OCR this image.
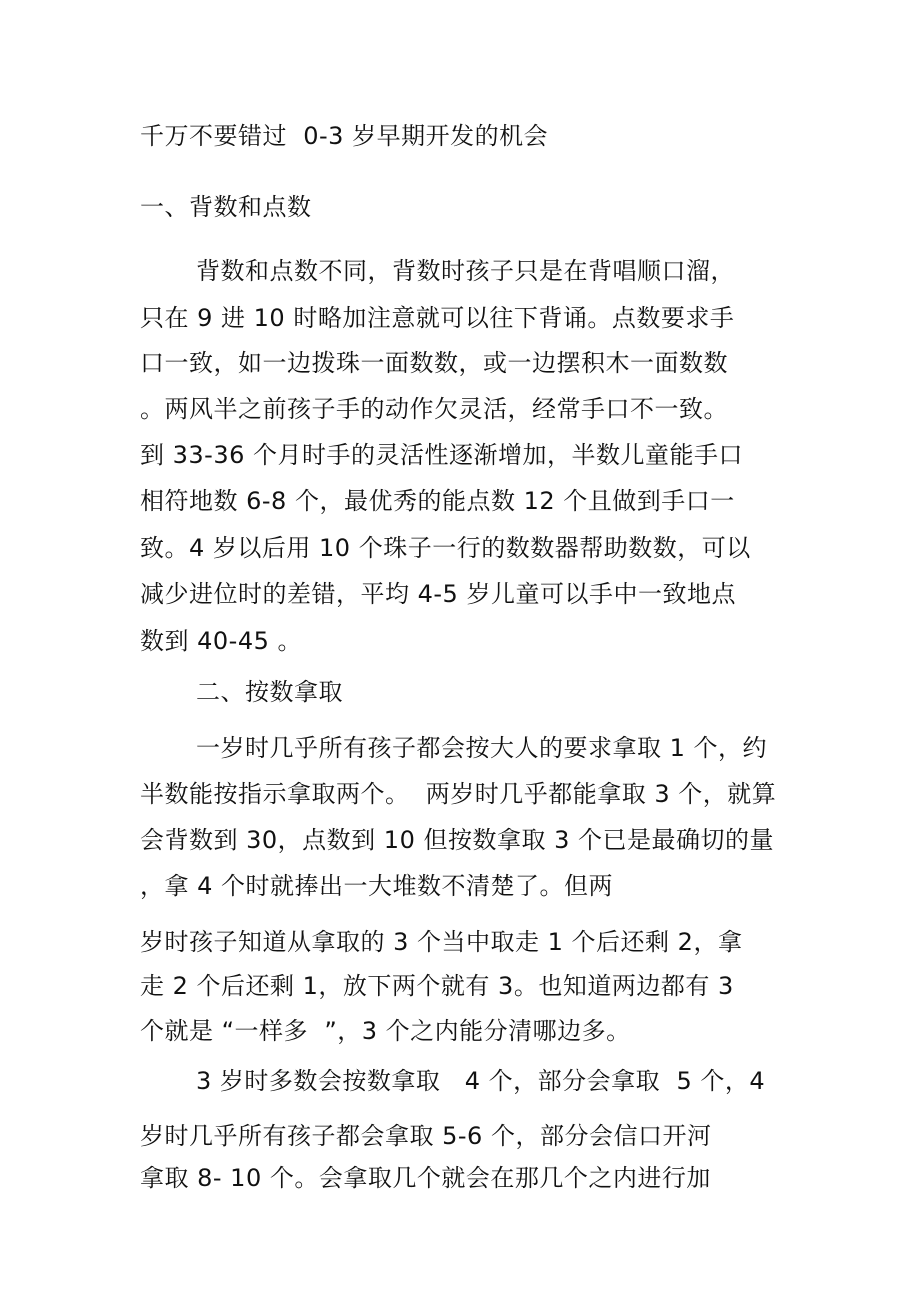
千万不要错过  0-3 岁早期开发的机会
一、背数和点数
背数和点数不同，背数时孩子只是在背唱顺口溜，
只在 9 进 10 时略加注意就可以往下背诵。点数要求手
口一致，如一边拨珠一面数数，或一边摆积木一面数数
。两风半之前孩子手的动作欠灵活，经常手口不一致。
到 33-36 个月时手的灵活性逐渐增加，半数儿童能手口
相符地数 6-8 个，最优秀的能点数 12 个且做到手口一
致。4 岁以后用 10 个珠子一行的数数器帮助数数，可以
减少进位时的差错，平均 4-5 岁儿童可以手中一致地点
数到 40-45 。
二、按数拿取
一岁时几乎所有孩子都会按大人的要求拿取 1 个，约
半数能按指示拿取两个。  两岁时几乎都能拿取 3 个，就算
会背数到 30，点数到 10 但按数拿取 3 个已是最确切的量
，拿 4 个时就捧出一大堆数不清楚了。但两
岁时孩子知道从拿取的 3 个当中取走 1 个后还剩 2，拿
走 2 个后还剩 1，放下两个就有 3。也知道两边都有 3
个就是 “一样多  ”，3 个之内能分清哪边多。
3 岁时多数会按数拿取   4 个，部分会拿取  5 个，4
岁时几乎所有孩子都会拿取 5-6 个，部分会信口开河
拿取 8- 10 个。会拿取几个就会在那几个之内进行加
